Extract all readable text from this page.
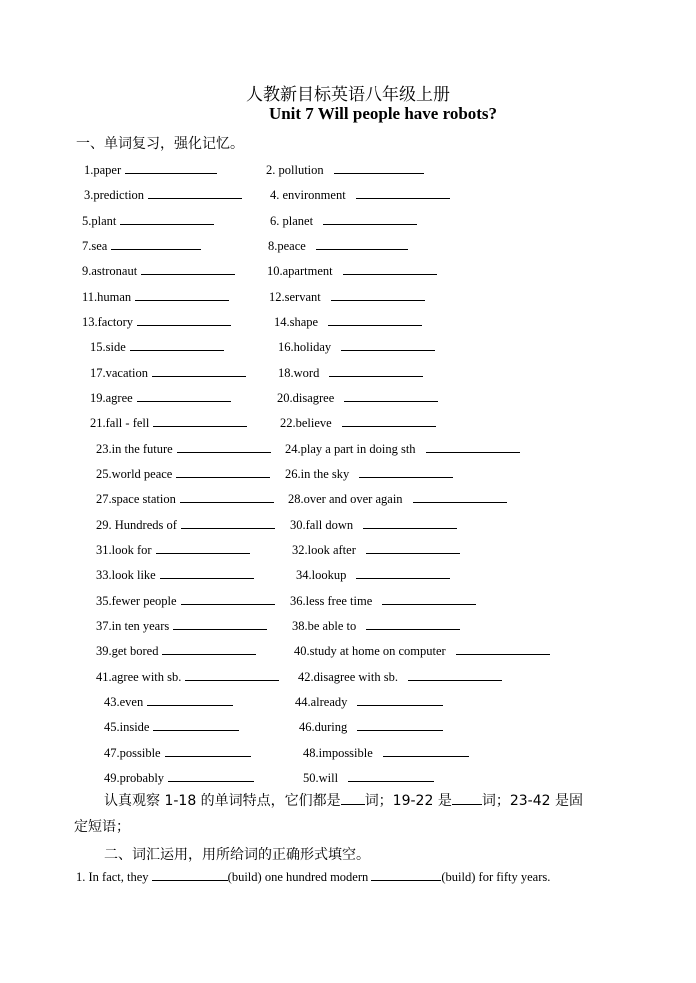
人教新目标英语八年级上册
Unit 7 Will people have robots?
一、单词复习，强化记忆。
1.paper	2. pollution
3.prediction	4. environment
5.plant	6. planet
7.sea	8.peace
9.astronaut	10.apartment
11.human	12.servant
13.factory	14.shape
15.side	16.holiday
17.vacation	18.word
19.agree	20.disagree
21.fall - fell	22.believe
23.in the future	24.play a part in doing sth
25.world peace	26.in the sky
27.space station	28.over and over again
29. Hundreds of	30.fall down
31.look for	32.look after
33.look like	34.lookup
35.fewer people	36.less free time
37.in ten years	38.be able to
39.get bored	40.study at home on computer
41.agree with sb.	42.disagree with sb.
43.even	44.already
45.inside	46.during
47.possible	48.impossible
49.probably	50.will
认真观察 1-18 的单词特点，它们都是 词；19-22 是 词；23-42 是固
定短语；
二、词汇运用，用所给词的正确形式填空。
1. In fact, they	(build) one hundred modern	(build) for fifty years.
